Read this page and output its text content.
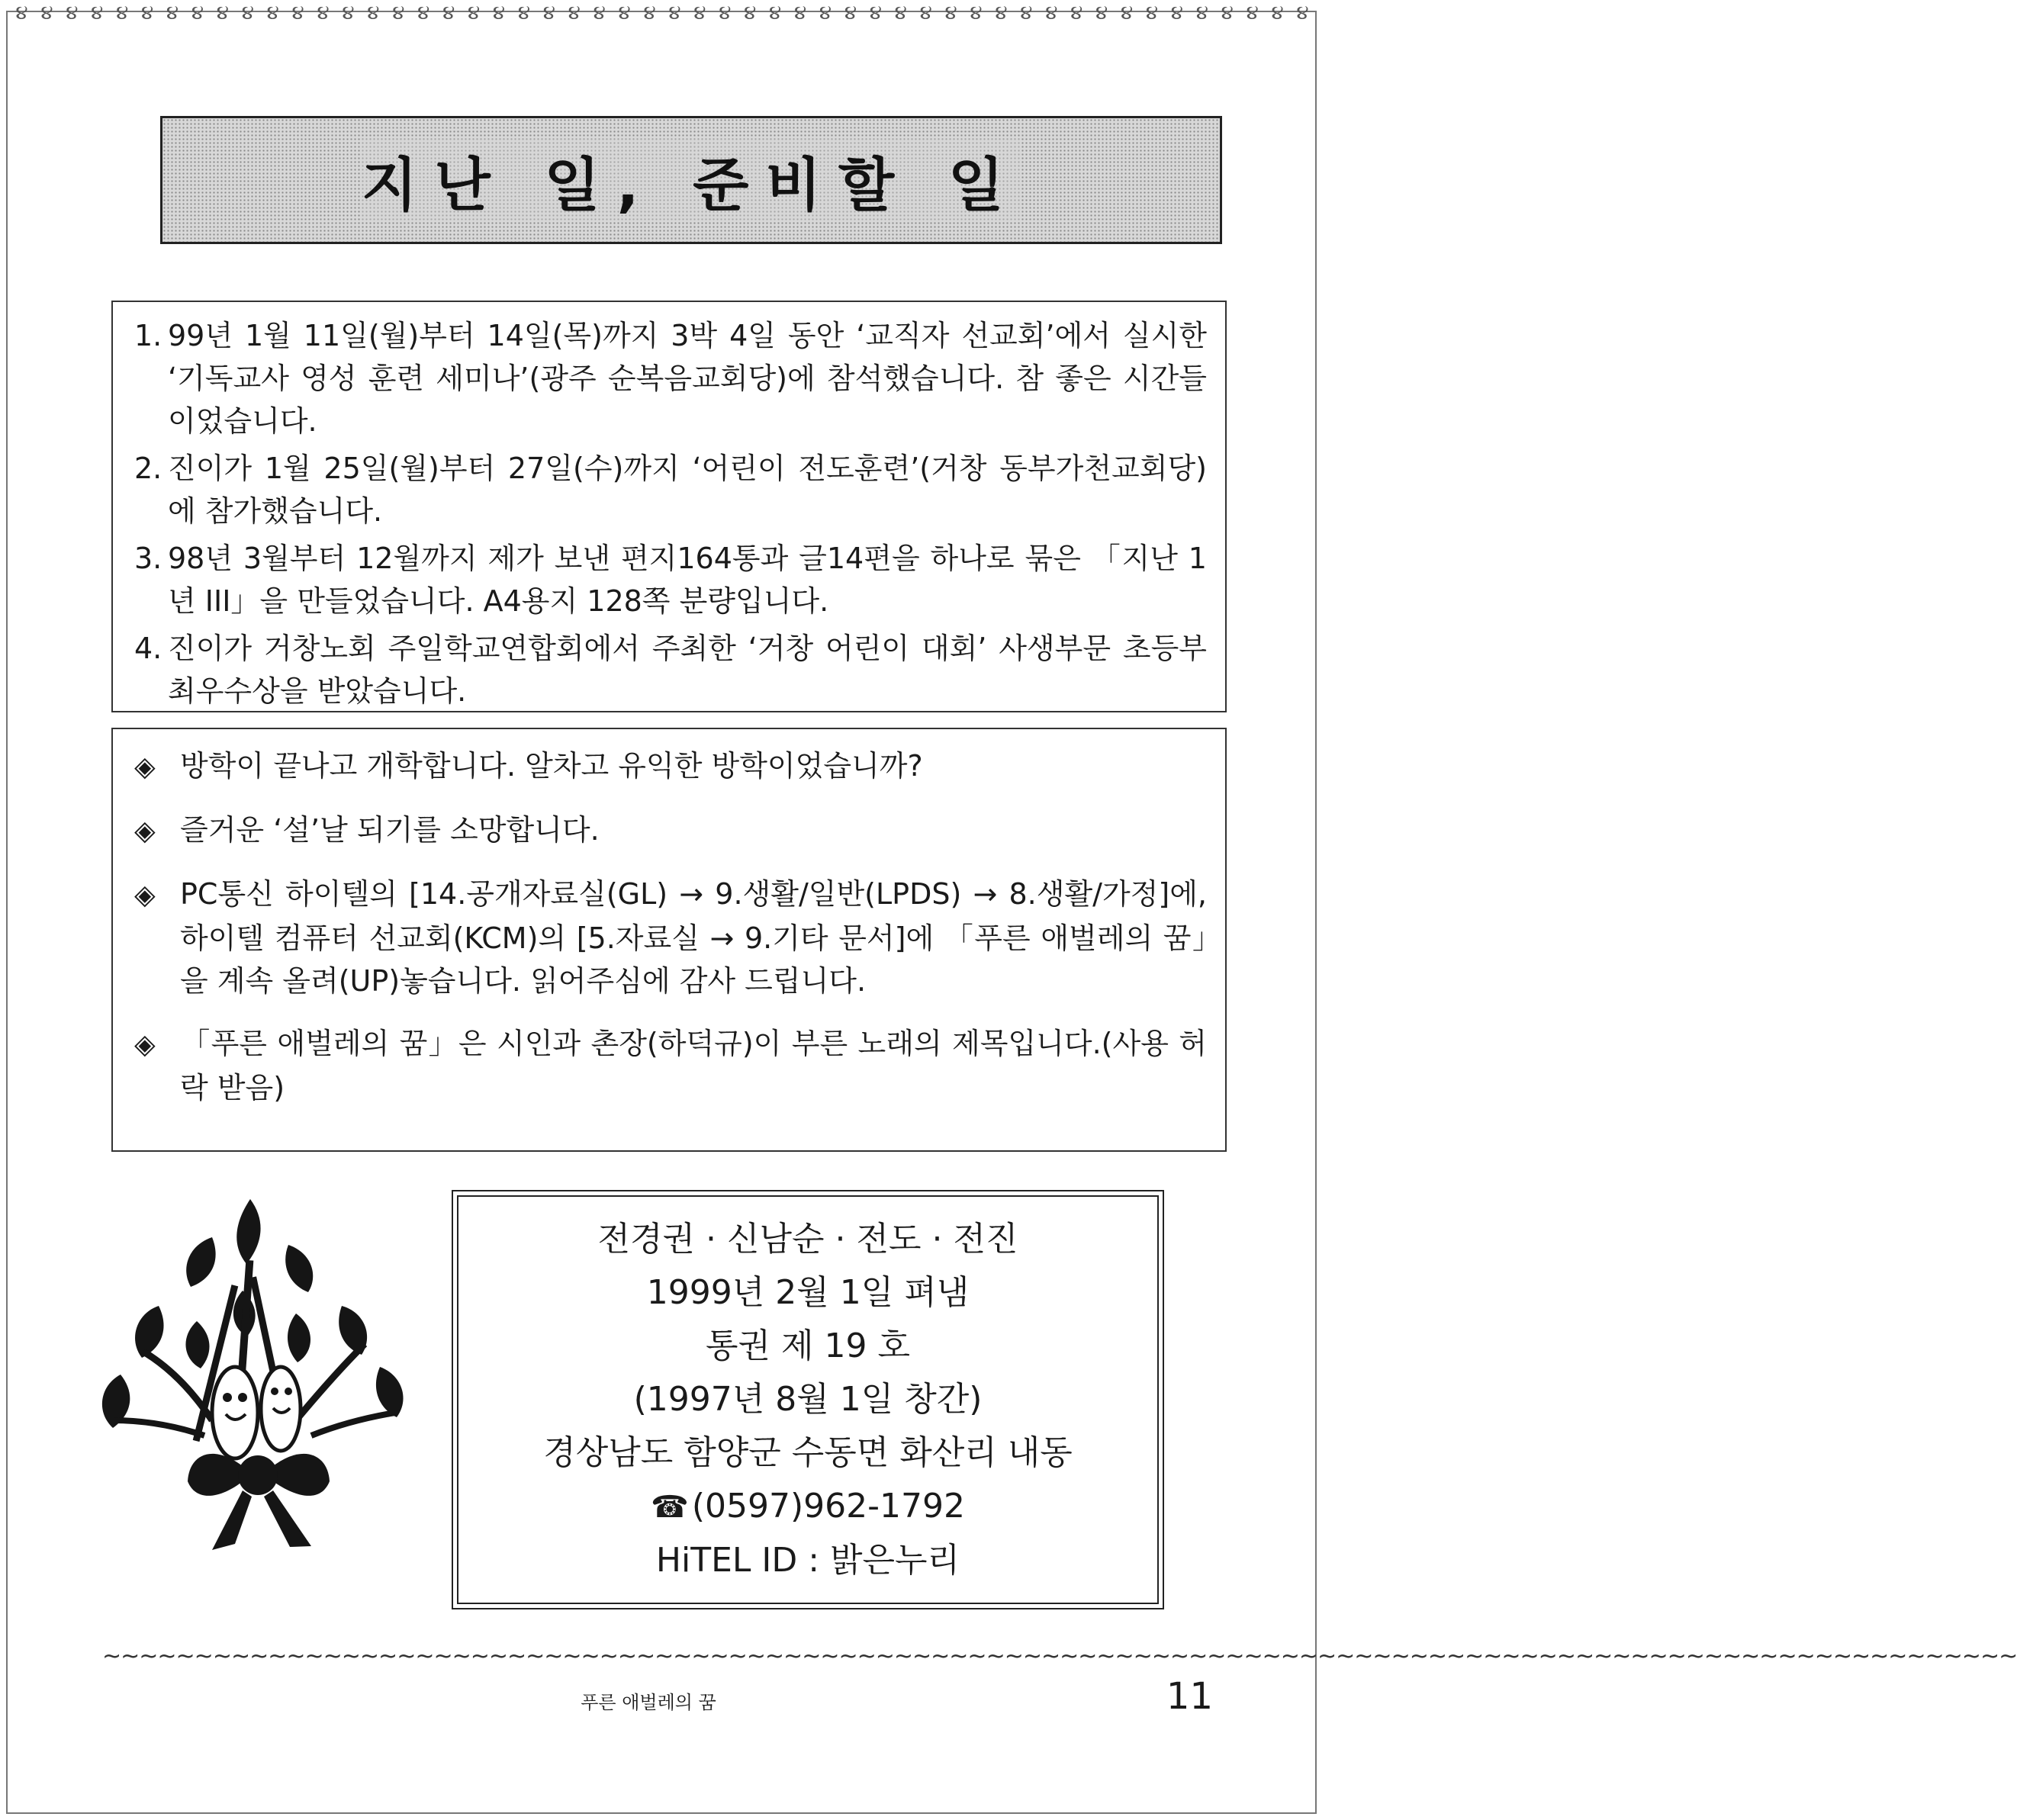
૪ ૪ ૪ ૪ ૪ ૪ ૪ ૪ ૪ ૪ ૪ ૪ ૪ ૪ ૪ ૪ ૪ ૪ ૪ ૪ ૪ ૪ ૪ ૪ ૪ ૪ ૪ ૪ ૪ ૪ ૪ ૪ ૪ ૪ ૪ ૪ ૪ ૪ ૪ ૪ ૪ ૪ ૪ ૪ ૪ ૪ ૪ ૪ ૪ ૪ ૪ ૪
지난 일, 준비할 일

1. 99년 1월 11일(월)부터 14일(목)까지 3박 4일 동안 ‘교직자 선교회’에서 실시한 ‘기독교사 영성 훈련 세미나’(광주 순복음교회당)에 참석했습니다. 참 좋은 시간들이었습니다.

2. 진이가 1월 25일(월)부터 27일(수)까지 ‘어린이 전도훈련’(거창 동부가천교회당)에 참가했습니다.

3. 98년 3월부터 12월까지 제가 보낸 편지164통과 글14편을 하나로 묶은 「지난 1년 III」을 만들었습니다. A4용지 128쪽 분량입니다.

4. 진이가 거창노회 주일학교연합회에서 주최한 ‘거창 어린이 대회’ 사생부문 초등부 최우수상을 받았습니다.

◈ 방학이 끝나고 개학합니다. 알차고 유익한 방학이었습니까?

◈ 즐거운 ‘설’날 되기를 소망합니다.

◈ PC통신 하이텔의 [14.공개자료실(GL) → 9.생활/일반(LPDS) → 8.생활/가정]에, 하이텔 컴퓨터 선교회(KCM)의 [5.자료실 → 9.기타 문서]에 「푸른 애벌레의 꿈」을 계속 올려(UP)놓습니다. 읽어주심에 감사 드립니다.

◈ 「푸른 애벌레의 꿈」은 시인과 촌장(하덕규)이 부른 노래의 제목입니다.(사용 허락 받음)

전경권 · 신남순 · 전도 · 전진
1999년 2월 1일 펴냄
통권 제 19 호
(1997년 8월 1일 창간)
경상남도 함양군 수동면 화산리 내동
☎(0597)962-1792
HiTEL ID : 밝은누리
~~~~~~~~~~~~~~~~~~~~~~~~~~~~~~~~~~~~~~~~~~~~~~~~~~~~~~~~~~~~~~~~~~~~~~~~~~~~~~~~~~~~~~~~~~~~~~~~~~~~~~~~
푸른 애벌레의 꿈	11
